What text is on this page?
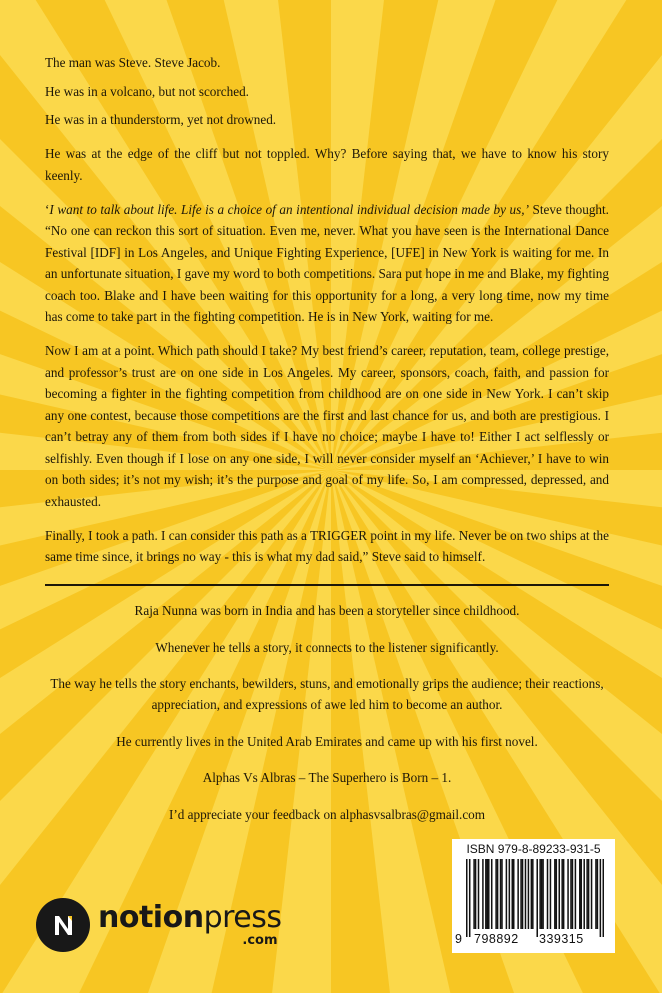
The man was Steve. Steve Jacob.

He was in a volcano, but not scorched.

He was in a thunderstorm, yet not drowned.

He was at the edge of the cliff but not toppled. Why? Before saying that, we have to know his story keenly.

‘I want to talk about life. Life is a choice of an intentional individual decision made by us,’ Steve thought. “No one can reckon this sort of situation. Even me, never. What you have seen is the International Dance Festival [IDF] in Los Angeles, and Unique Fighting Experience, [UFE] in New York is waiting for me. In an unfortunate situation, I gave my word to both competitions. Sara put hope in me and Blake, my fighting coach too. Blake and I have been waiting for this opportunity for a long, a very long time, now my time has come to take part in the fighting competition. He is in New York, waiting for me.

Now I am at a point. Which path should I take? My best friend’s career, reputation, team, college prestige, and professor’s trust are on one side in Los Angeles. My career, sponsors, coach, faith, and passion for becoming a fighter in the fighting competition from childhood are on one side in New York. I can’t skip any one contest, because those competitions are the first and last chance for us, and both are prestigious. I can’t betray any of them from both sides if I have no choice; maybe I have to! Either I act selflessly or selfishly. Even though if I lose on any one side, I will never consider myself an ‘Achiever,’ I have to win on both sides; it’s not my wish; it’s the purpose and goal of my life. So, I am compressed, depressed, and exhausted.

Finally, I took a path. I can consider this path as a TRIGGER point in my life. Never be on two ships at the same time since, it brings no way - this is what my dad said,” Steve said to himself.

Raja Nunna was born in India and has been a storyteller since childhood.

Whenever he tells a story, it connects to the listener significantly.

The way he tells the story enchants, bewilders, stuns, and emotionally grips the audience; their reactions, appreciation, and expressions of awe led him to become an author.

He currently lives in the United Arab Emirates and came up with his first novel.

Alphas Vs Albras – The Superhero is Born – 1.

I’d appreciate your feedback on alphasvsalbras@gmail.com

notionpress
.com
ISBN 979-8-89233-931-5
9 798892 339315
